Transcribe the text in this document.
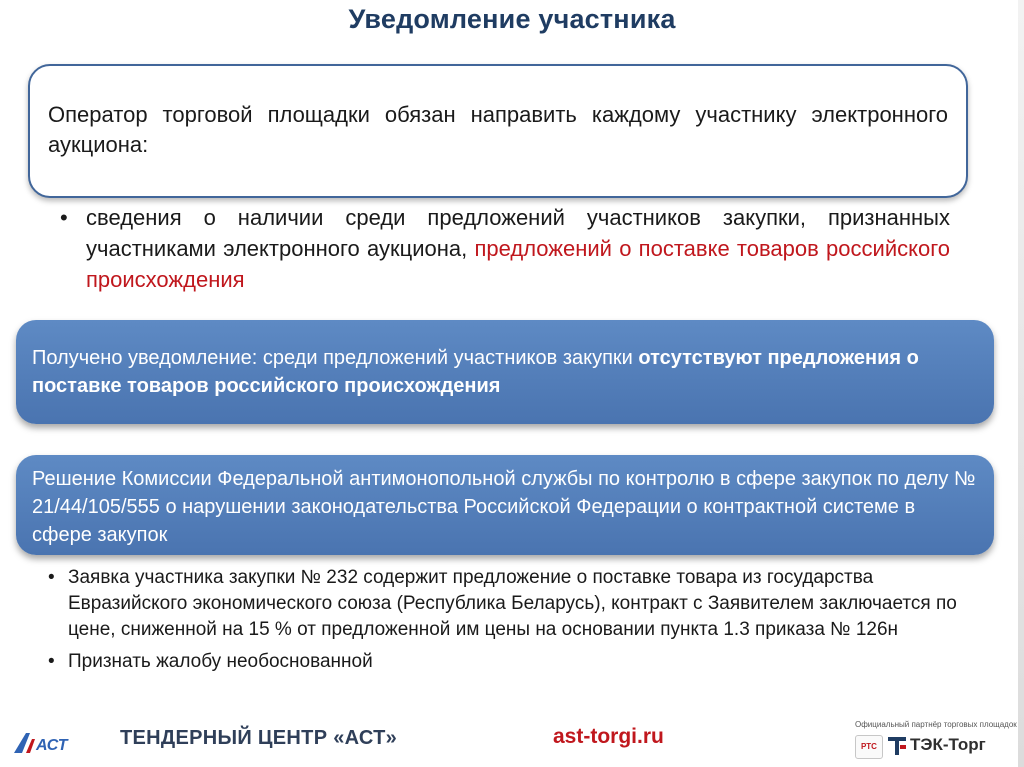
Уведомление участника
Оператор торговой площадки обязан направить каждому участнику электронного аукциона:
• сведения о наличии среди предложений участников закупки, признанных участниками электронного аукциона, предложений о поставке товаров российского происхождения
Получено уведомление: среди предложений участников закупки отсутствуют предложения о поставке товаров российского происхождения
Решение Комиссии Федеральной антимонопольной службы по контролю в сфере закупок по делу № 21/44/105/555 о нарушении законодательства Российской Федерации о контрактной системе в сфере закупок
• Заявка участника закупки № 232 содержит предложение о поставке товара из государства Евразийского экономического союза (Республика Беларусь), контракт с Заявителем заключается по цене, сниженной на 15 % от предложенной им цены на основании пункта 1.3 приказа № 126н
• Признать жалобу необоснованной
АСТ	ТЕНДЕРНЫЙ ЦЕНТР «АСТ»	ast-torgi.ru
Официальный партнёр торговых площадок
РТС	ТЭК-Торг
